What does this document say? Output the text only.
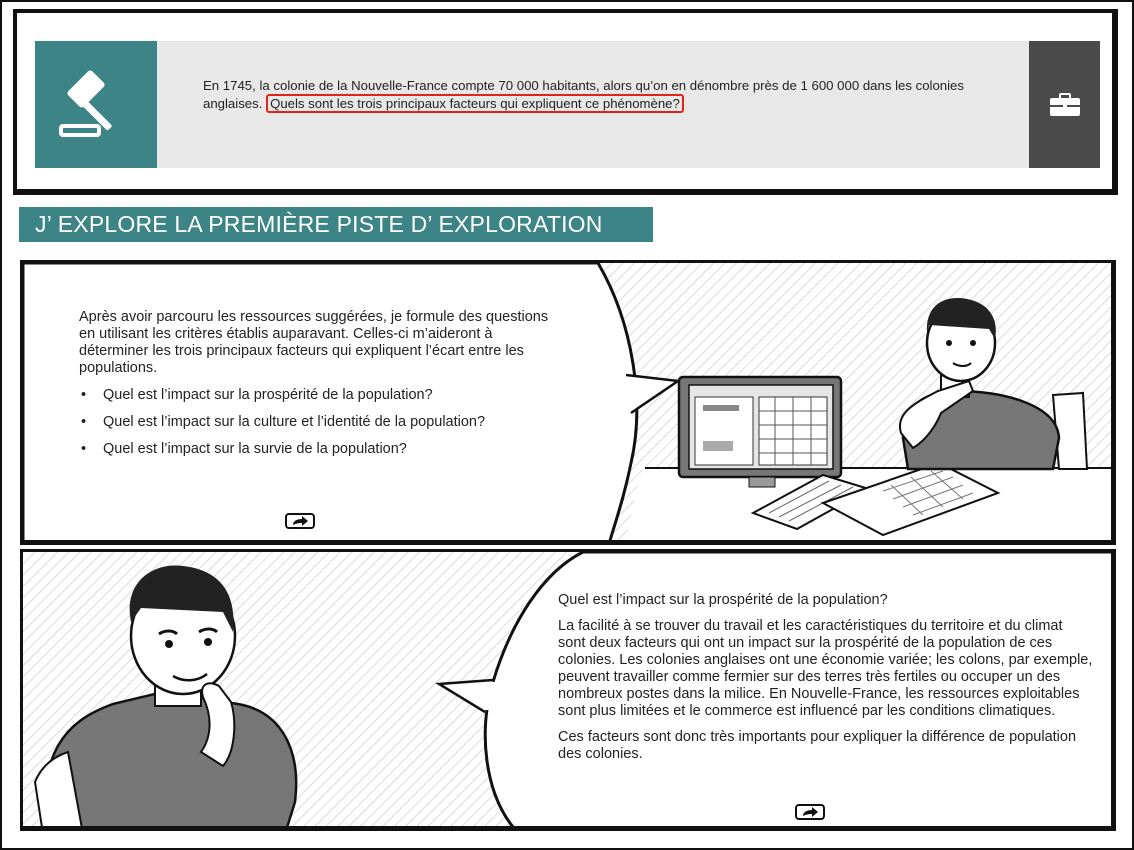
En 1745, la colonie de la Nouvelle-France compte 70 000 habitants, alors qu’on en dénombre près de 1 600 000 dans les colonies anglaises. Quels sont les trois principaux facteurs qui expliquent ce phénomène?
J’ EXPLORE LA PREMIÈRE PISTE D’ EXPLORATION

Après avoir parcouru les ressources suggérées, je formule des questions en utilisant les critères établis auparavant. Celles-ci m’aideront à déterminer les trois principaux facteurs qui expliquent l’écart entre les populations.

• Quel est l’impact sur la prospérité de la population?
• Quel est l’impact sur la culture et l’identité de la population?
• Quel est l’impact sur la survie de la population?

Quel est l’impact sur la prospérité de la population?

La facilité à se trouver du travail et les caractéristiques du territoire et du climat sont deux facteurs qui ont un impact sur la prospérité de la population de ces colonies. Les colonies anglaises ont une économie variée; les colons, par exemple, peuvent travailler comme fermier sur des terres très fertiles ou occuper un des nombreux postes dans la milice. En Nouvelle-France, les ressources exploitables sont plus limitées et le commerce est influencé par les conditions climatiques.

Ces facteurs sont donc très importants pour expliquer la différence de population des colonies.
